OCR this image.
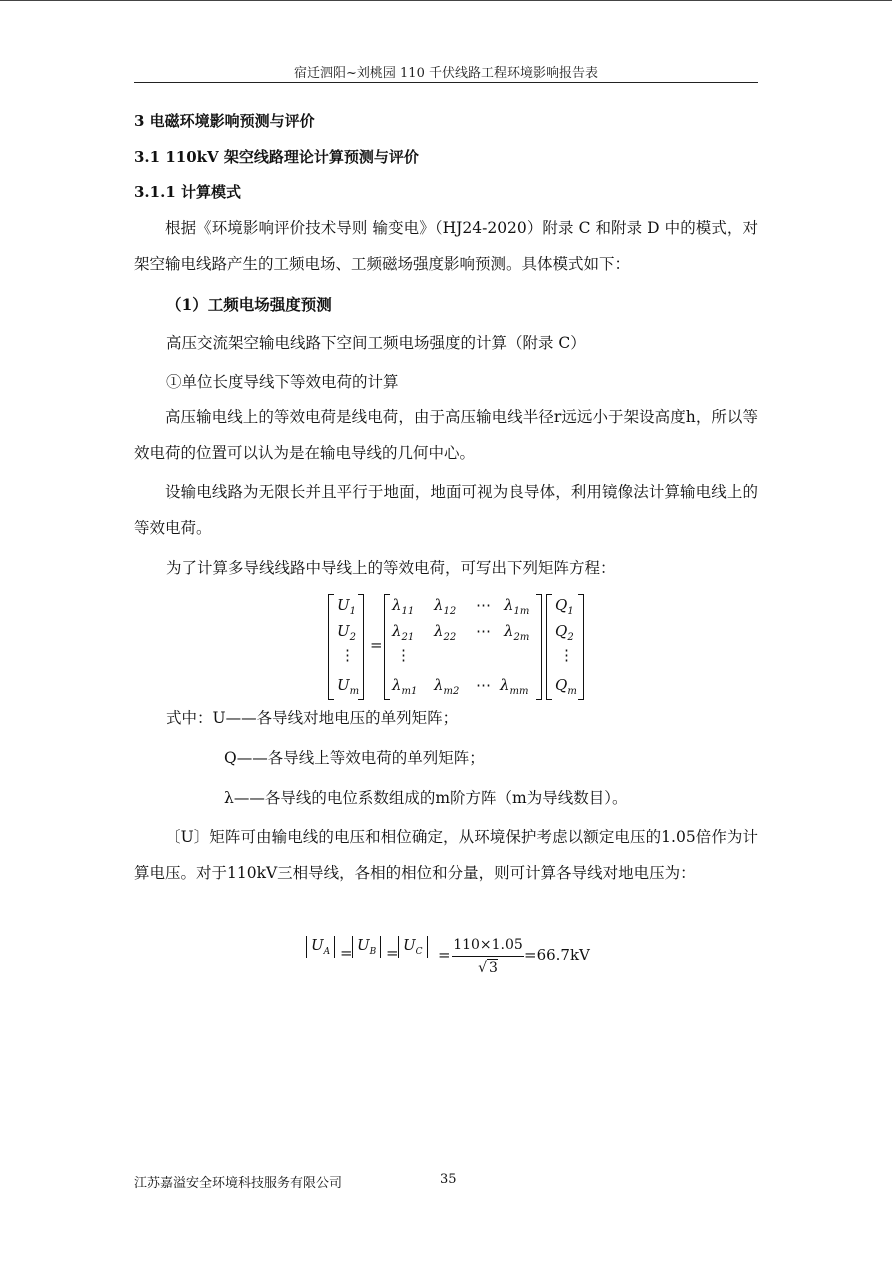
宿迁泗阳~刘桃园 110 千伏线路工程环境影响报告表
3 电磁环境影响预测与评价
3.1 110kV 架空线路理论计算预测与评价
3.1.1 计算模式
根据《环境影响评价技术导则 输变电》（HJ24-2020）附录 C 和附录 D 中的模式，对架空输电线路产生的工频电场、工频磁场强度影响预测。具体模式如下：
（1）工频电场强度预测
高压交流架空输电线路下空间工频电场强度的计算（附录 C）
①单位长度导线下等效电荷的计算
高压输电线上的等效电荷是线电荷，由于高压输电线半径r远远小于架设高度h，所以等效电荷的位置可以认为是在输电导线的几何中心。
设输电线路为无限长并且平行于地面，地面可视为良导体，利用镜像法计算输电线上的等效电荷。
为了计算多导线线路中导线上的等效电荷，可写出下列矩阵方程：
$U_1$
$U_2$
⋮
$U_m$
=
$\lambda_{11}$ $\lambda_{12}$ ⋯ $\lambda_{1m}$
$\lambda_{21}$ $\lambda_{22}$ ⋯ $\lambda_{2m}$
⋮
$\lambda_{m1}$ $\lambda_{m2}$ ⋯ $\lambda_{mm}$
$Q_1$
$Q_2$
⋮
$Q_m$
式中：U——各导线对地电压的单列矩阵；
Q——各导线上等效电荷的单列矩阵；
λ——各导线的电位系数组成的m阶方阵（m为导线数目）。
〔U〕矩阵可由输电线的电压和相位确定，从环境保护考虑以额定电压的1.05倍作为计算电压。对于110kV三相导线，各相的相位和分量，则可计算各导线对地电压为：
$U_A = U_B = U_C$	=
110×1.05
√ 3
=66.7kV
江苏嘉溢安全环境科技服务有限公司	35
